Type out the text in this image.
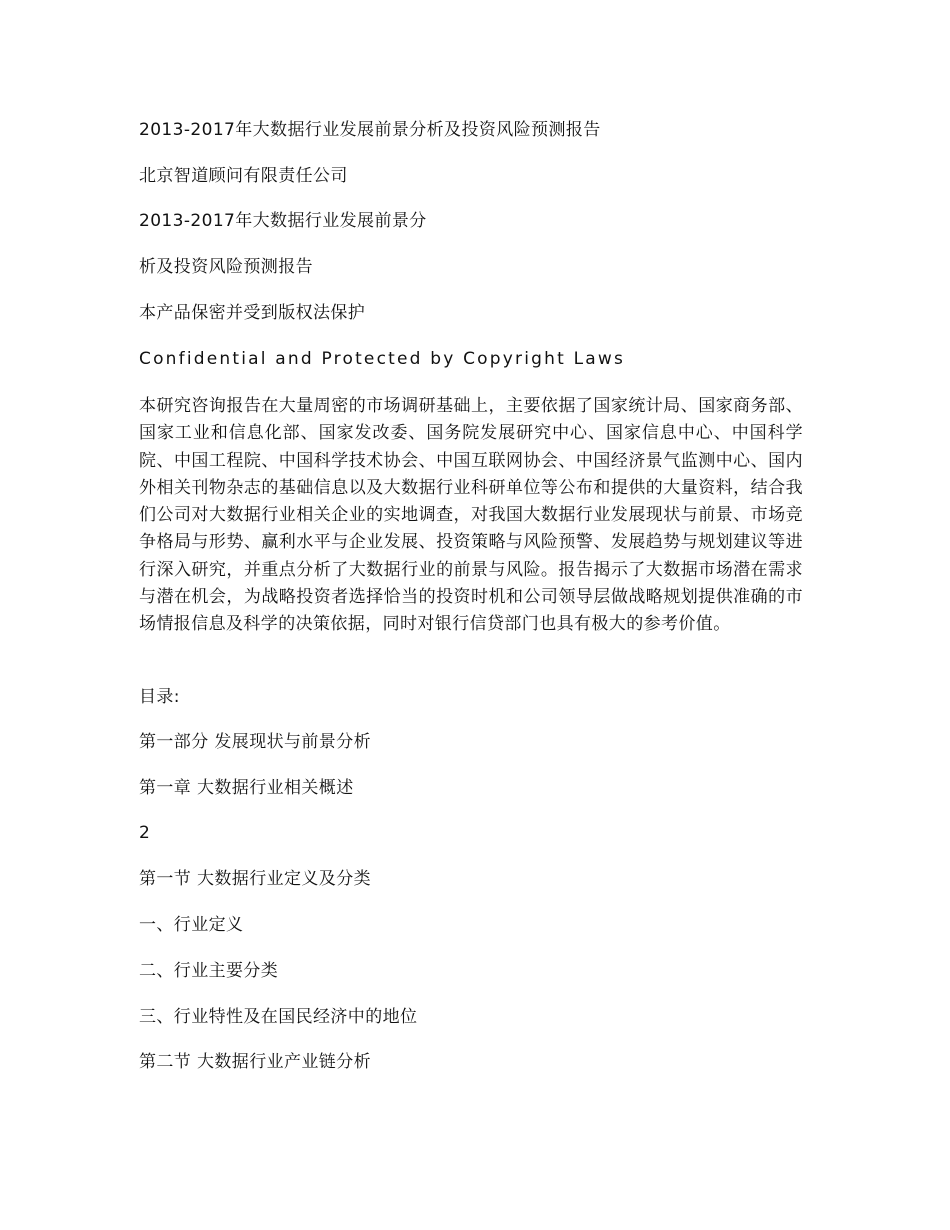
2013-2017年大数据行业发展前景分析及投资风险预测报告
北京智道顾问有限责任公司
2013-2017年大数据行业发展前景分
析及投资风险预测报告
本产品保密并受到版权法保护
Confidential and Protected by Copyright Laws
本研究咨询报告在大量周密的市场调研基础上，主要依据了国家统计局、国家商务部、国家工业和信息化部、国家发改委、国务院发展研究中心、国家信息中心、中国科学院、中国工程院、中国科学技术协会、中国互联网协会、中国经济景气监测中心、国内外相关刊物杂志的基础信息以及大数据行业科研单位等公布和提供的大量资料，结合我们公司对大数据行业相关企业的实地调查，对我国大数据行业发展现状与前景、市场竞争格局与形势、赢利水平与企业发展、投资策略与风险预警、发展趋势与规划建议等进行深入研究，并重点分析了大数据行业的前景与风险。报告揭示了大数据市场潜在需求与潜在机会，为战略投资者选择恰当的投资时机和公司领导层做战略规划提供准确的市场情报信息及科学的决策依据，同时对银行信贷部门也具有极大的参考价值。
目录:
第一部分 发展现状与前景分析
第一章 大数据行业相关概述
2
第一节 大数据行业定义及分类
一、行业定义
二、行业主要分类
三、行业特性及在国民经济中的地位
第二节 大数据行业产业链分析
